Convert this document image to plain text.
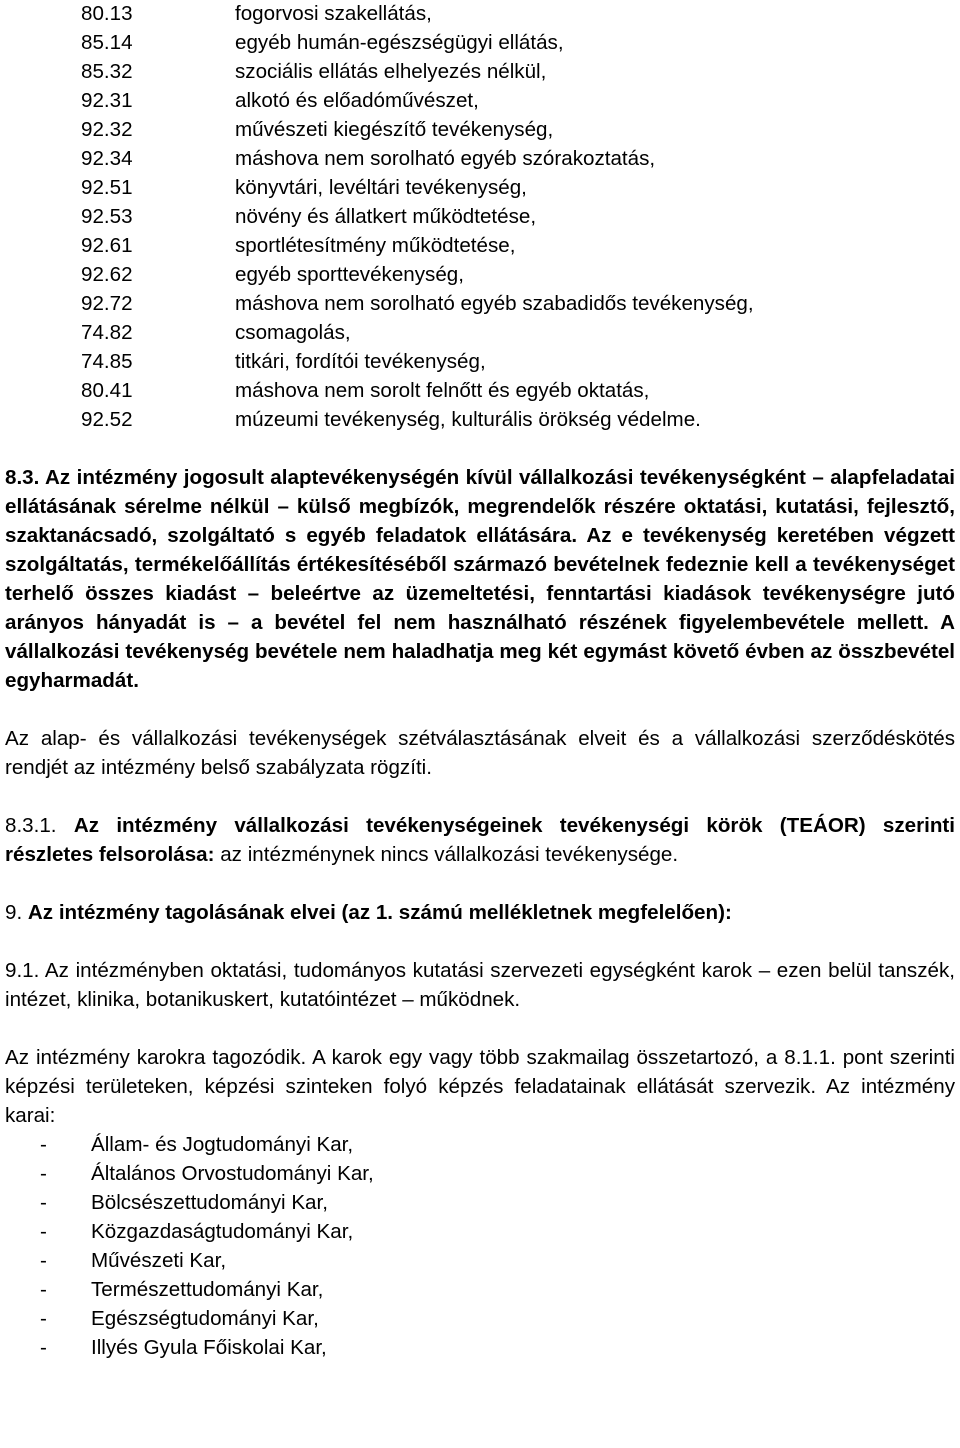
80.13	fogorvosi szakellátás,
85.14	egyéb humán-egészségügyi ellátás,
85.32	szociális ellátás elhelyezés nélkül,
92.31	alkotó és előadóművészet,
92.32	művészeti kiegészítő tevékenység,
92.34	máshova nem sorolható egyéb szórakoztatás,
92.51	könyvtári, levéltári tevékenység,
92.53	növény és állatkert működtetése,
92.61	sportlétesítmény működtetése,
92.62	egyéb sporttevékenység,
92.72	máshova nem sorolható egyéb szabadidős tevékenység,
74.82	csomagolás,
74.85	titkári, fordítói tevékenység,
80.41	máshova nem sorolt felnőtt és egyéb oktatás,
92.52	múzeumi tevékenység, kulturális örökség védelme.

8.3. Az intézmény jogosult alaptevékenységén kívül vállalkozási tevékenységként – alapfeladatai ellátásának sérelme nélkül – külső megbízók, megrendelők részére oktatási, kutatási, fejlesztő, szaktanácsadó, szolgáltató s egyéb feladatok ellátására. Az e tevékenység keretében végzett szolgáltatás, termékelőállítás értékesítéséből származó bevételnek fedeznie kell a tevékenységet terhelő összes kiadást – beleértve az üzemeltetési, fenntartási kiadások tevékenységre jutó arányos hányadát is – a bevétel fel nem használható részének figyelembevétele mellett. A vállalkozási tevékenység bevétele nem haladhatja meg két egymást követő évben az összbevétel egyharmadát.

Az alap- és vállalkozási tevékenységek szétválasztásának elveit és a vállalkozási szerződéskötés rendjét az intézmény belső szabályzata rögzíti.

8.3.1. Az intézmény vállalkozási tevékenységeinek tevékenységi körök (TEÁOR) szerinti részletes felsorolása: az intézménynek nincs vállalkozási tevékenysége.

9. Az intézmény tagolásának elvei (az 1. számú mellékletnek megfelelően):

9.1. Az intézményben oktatási, tudományos kutatási szervezeti egységként karok – ezen belül tanszék, intézet, klinika, botanikuskert, kutatóintézet – működnek.

Az intézmény karokra tagozódik. A karok egy vagy több szakmailag összetartozó, a 8.1.1. pont szerinti képzési területeken, képzési szinteken folyó képzés feladatainak ellátását szervezik. Az intézmény karai:

-	Állam- és Jogtudományi Kar,
-	Általános Orvostudományi Kar,
-	Bölcsészettudományi Kar,
-	Közgazdaságtudományi Kar,
-	Művészeti Kar,
-	Természettudományi Kar,
-	Egészségtudományi Kar,
-	Illyés Gyula Főiskolai Kar,
